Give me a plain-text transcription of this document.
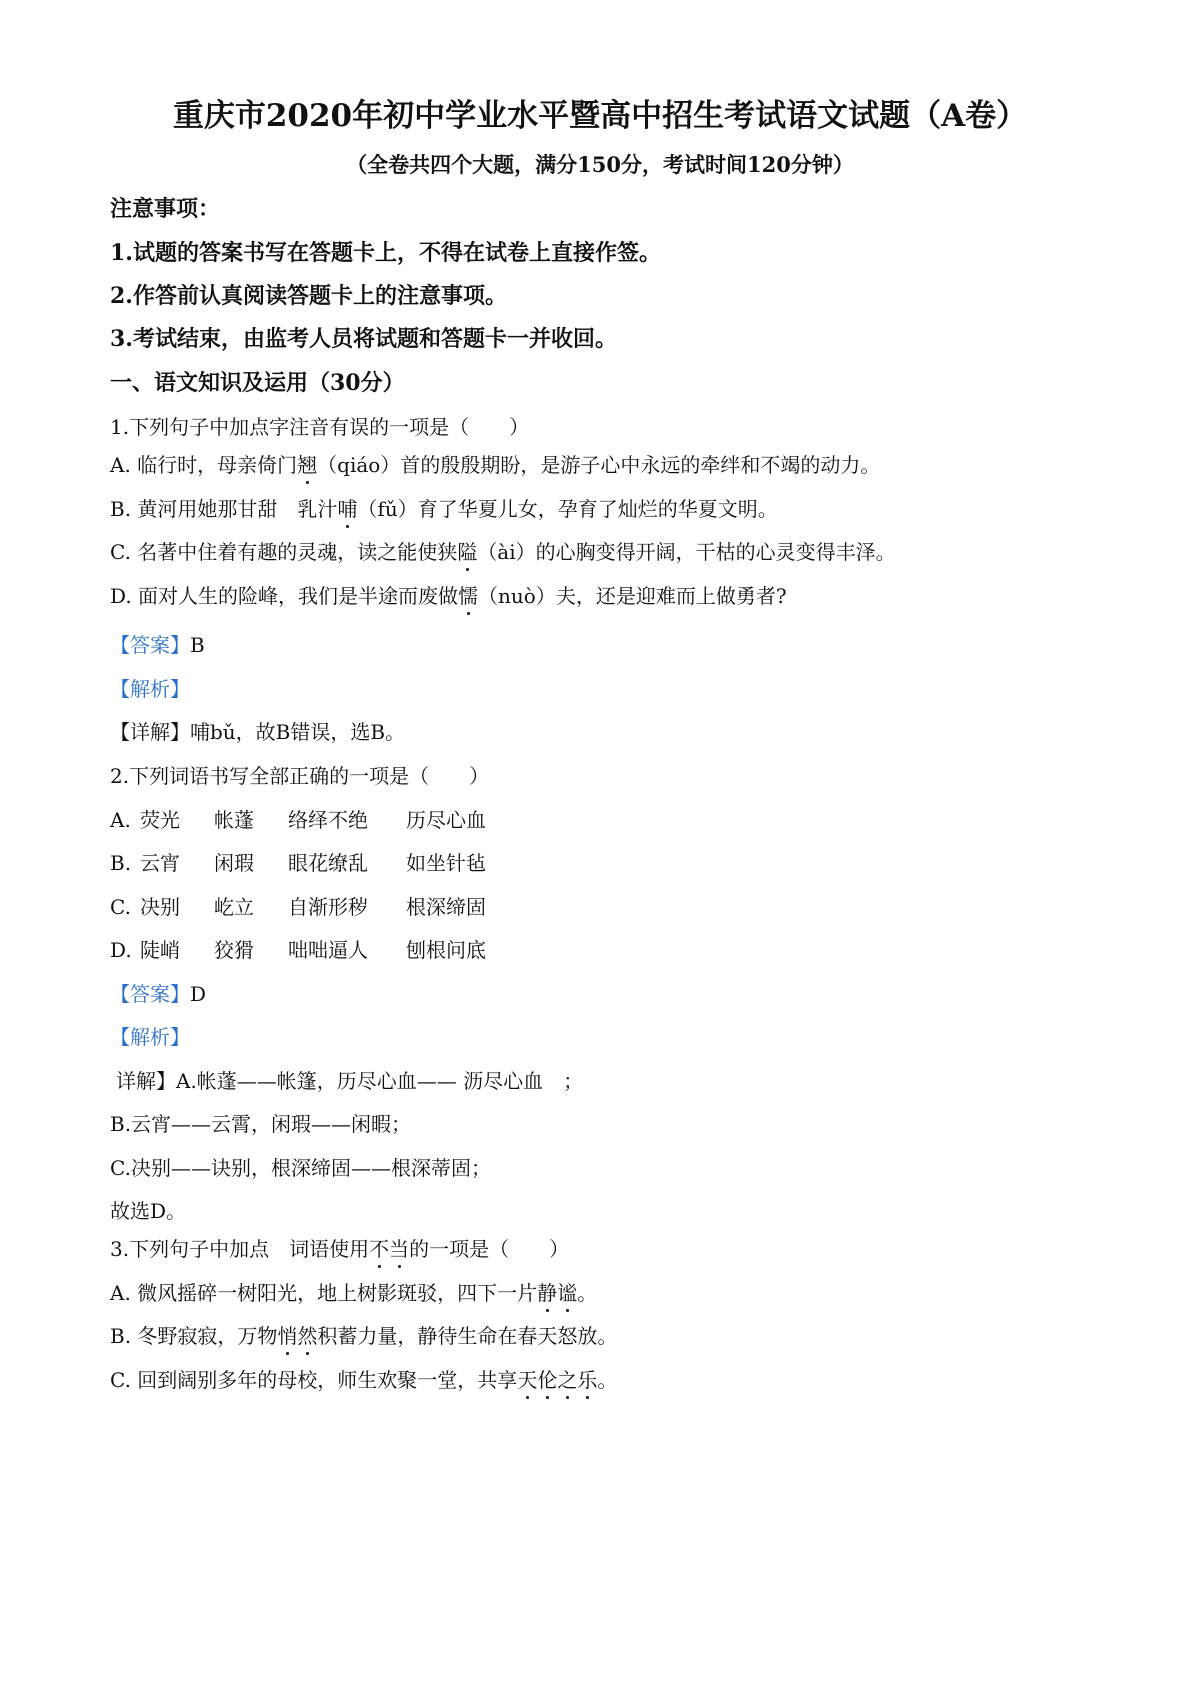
重庆市2020年初中学业水平暨高中招生考试语文试题（A卷）
（全卷共四个大题，满分150分，考试时间120分钟）
注意事项：
1.试题的答案书写在答题卡上，不得在试卷上直接作签。
2.作答前认真阅读答题卡上的注意事项。
3.考试结束，由监考人员将试题和答题卡一并收回。
一、语文知识及运用（30分）
1.下列句子中加点字注音有误的一项是（　　）
A. 临行时，母亲倚门翘（qiáo）首的殷殷期盼，是游子心中永远的牵绊和不竭的动力。
B. 黄河用她那甘甜　乳汁哺（fǔ）育了华夏儿女，孕育了灿烂的华夏文明。
C. 名著中住着有趣的灵魂，读之能使狭隘（ài）的心胸变得开阔，干枯的心灵变得丰泽。
D. 面对人生的险峰，我们是半途而废做懦（nuò）夫，还是迎难而上做勇者?
【答案】B
【解析】
【详解】哺bǔ，故B错误，选B。
2.下列词语书写全部正确的一项是（　　）
A. 荧光 帐蓬 络绎不绝 历尽心血
B. 云宵 闲瑕 眼花缭乱 如坐针毡
C. 决别 屹立 自渐形秽 根深缔固
D. 陡峭 狡猾 咄咄逼人 刨根问底
【答案】D
【解析】
详解】A.帐蓬——帐篷，历尽心血—— 沥尽心血　；
B.云宵——云霄，闲瑕——闲暇；
C.决别——诀别，根深缔固——根深蒂固；
故选D。
3.下列句子中加点　词语使用不当的一项是（　　）
A. 微风摇碎一树阳光，地上树影斑驳，四下一片静谧。
B. 冬野寂寂，万物悄然积蓄力量，静待生命在春天怒放。
C. 回到阔别多年的母校，师生欢聚一堂，共享天伦之乐。
